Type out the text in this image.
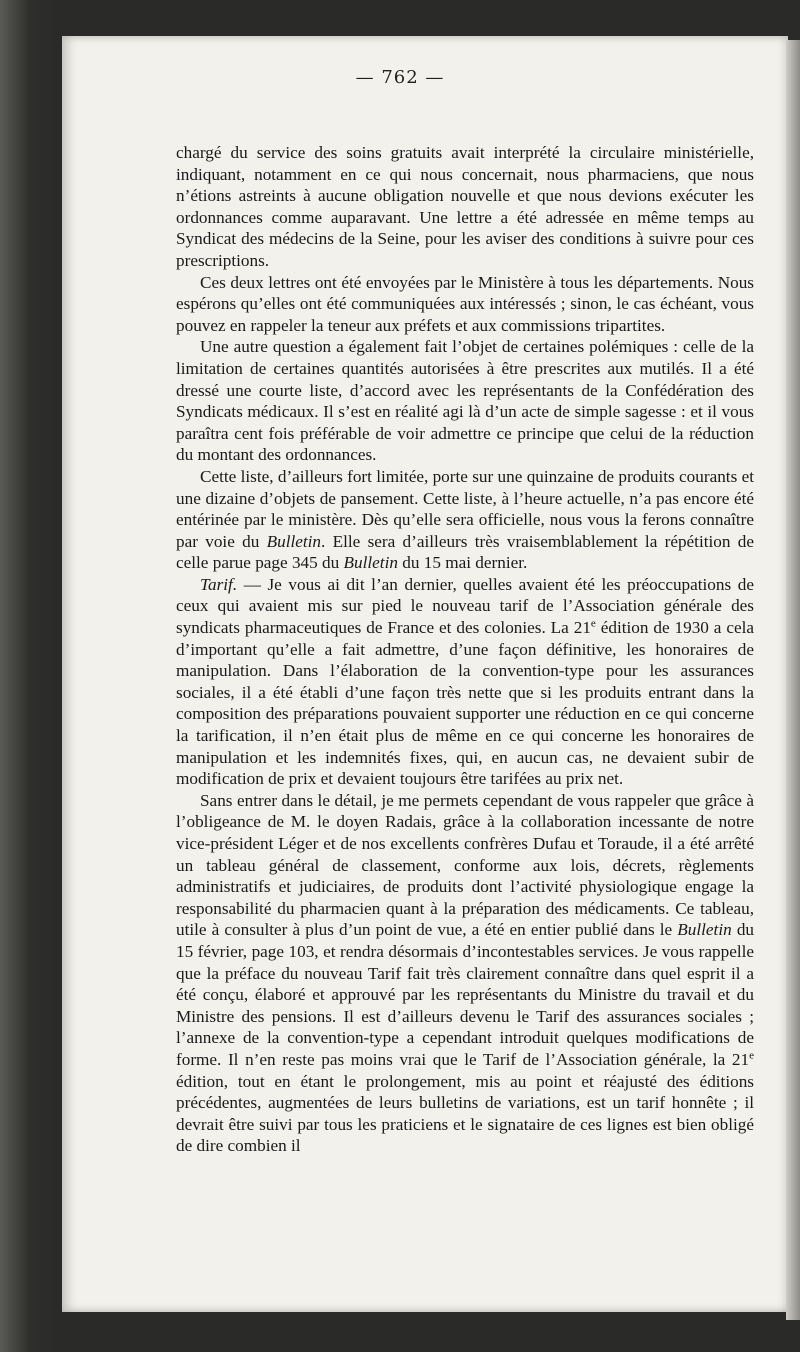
— 762 —

chargé du service des soins gratuits avait interprété la circulaire ministérielle, indiquant, notamment en ce qui nous concernait, nous pharmaciens, que nous n’étions astreints à aucune obligation nouvelle et que nous devions exécuter les ordonnances comme auparavant. Une lettre a été adressée en même temps au Syndicat des médecins de la Seine, pour les aviser des conditions à suivre pour ces prescriptions.

Ces deux lettres ont été envoyées par le Ministère à tous les départements. Nous espérons qu’elles ont été communiquées aux intéressés ; sinon, le cas échéant, vous pouvez en rappeler la teneur aux préfets et aux commissions tripartites.

Une autre question a également fait l’objet de certaines polémiques : celle de la limitation de certaines quantités autorisées à être prescrites aux mutilés. Il a été dressé une courte liste, d’accord avec les représentants de la Confédération des Syndicats médicaux. Il s’est en réalité agi là d’un acte de simple sagesse : et il vous paraîtra cent fois préférable de voir admettre ce principe que celui de la réduction du montant des ordonnances.

Cette liste, d’ailleurs fort limitée, porte sur une quinzaine de produits courants et une dizaine d’objets de pansement. Cette liste, à l’heure actuelle, n’a pas encore été entérinée par le ministère. Dès qu’elle sera officielle, nous vous la ferons connaître par voie du Bulletin. Elle sera d’ailleurs très vraisemblablement la répétition de celle parue page 345 du Bulletin du 15 mai dernier.

Tarif. — Je vous ai dit l’an dernier, quelles avaient été les préoccupations de ceux qui avaient mis sur pied le nouveau tarif de l’Association générale des syndicats pharmaceutiques de France et des colonies. La 21e édition de 1930 a cela d’important qu’elle a fait admettre, d’une façon définitive, les honoraires de manipulation. Dans l’élaboration de la convention-type pour les assurances sociales, il a été établi d’une façon très nette que si les produits entrant dans la composition des préparations pouvaient supporter une réduction en ce qui concerne la tarification, il n’en était plus de même en ce qui concerne les honoraires de manipulation et les indemnités fixes, qui, en aucun cas, ne devaient subir de modification de prix et devaient toujours être tarifées au prix net.

Sans entrer dans le détail, je me permets cependant de vous rappeler que grâce à l’obligeance de M. le doyen Radais, grâce à la collaboration incessante de notre vice-président Léger et de nos excellents confrères Dufau et Toraude, il a été arrêté un tableau général de classement, conforme aux lois, décrets, règlements administratifs et judiciaires, de produits dont l’activité physiologique engage la responsabilité du pharmacien quant à la préparation des médicaments. Ce tableau, utile à consulter à plus d’un point de vue, a été en entier publié dans le Bulletin du 15 février, page 103, et rendra désormais d’incontestables services. Je vous rappelle que la préface du nouveau Tarif fait très clairement connaître dans quel esprit il a été conçu, élaboré et approuvé par les représentants du Ministre du travail et du Ministre des pensions. Il est d’ailleurs devenu le Tarif des assurances sociales ; l’annexe de la convention-type a cependant introduit quelques modifications de forme. Il n’en reste pas moins vrai que le Tarif de l’Association générale, la 21e édition, tout en étant le prolongement, mis au point et réajusté des éditions précédentes, augmentées de leurs bulletins de variations, est un tarif honnête ; il devrait être suivi par tous les praticiens et le signataire de ces lignes est bien obligé de dire combien il
